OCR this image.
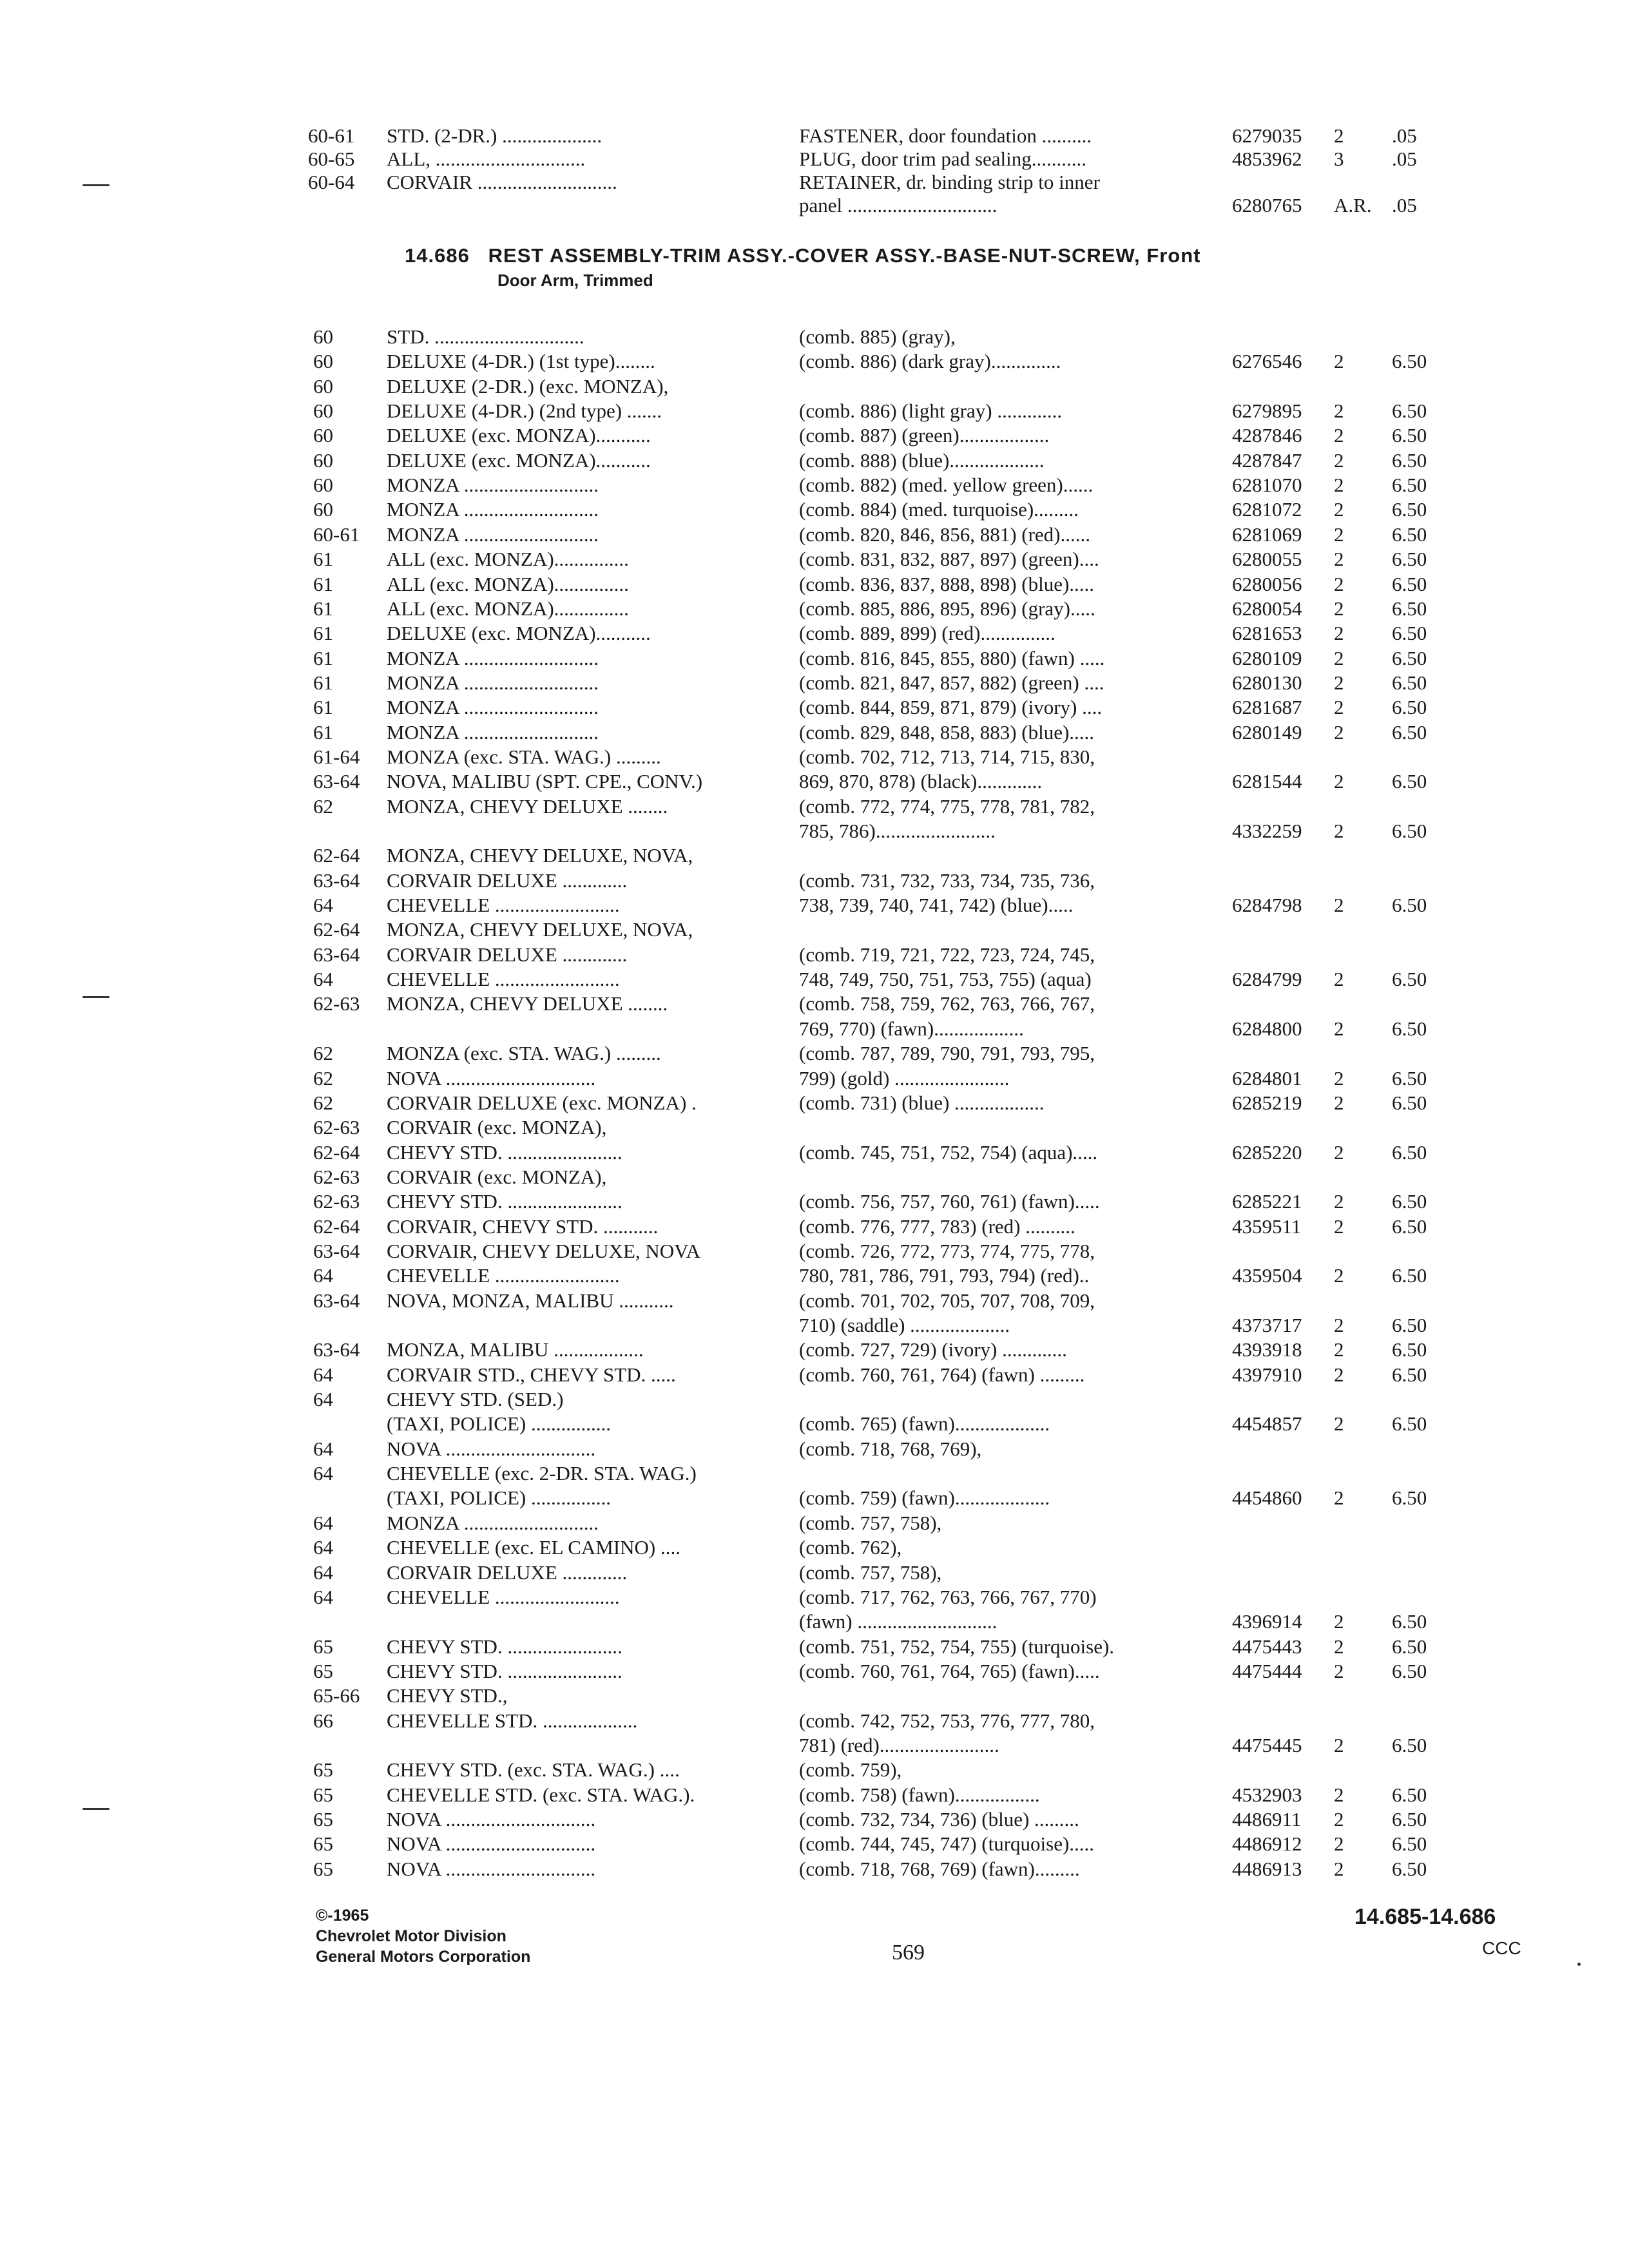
60-61 STD. (2-DR.) ....................	FASTENER, door foundation ..........	6279035 2 .05
60-65 ALL, ..............................	PLUG, door trim pad sealing...........	4853962 3 .05
60-64 CORVAIR ............................	RETAINER, dr. binding strip to inner
panel ..............................	6280765 A.R. .05
14.686 REST ASSEMBLY-TRIM ASSY.-COVER ASSY.-BASE-NUT-SCREW, Front
Door Arm, Trimmed
60	STD. ..............................	(comb. 885) (gray),
60	DELUXE (4-DR.) (1st type)........	(comb. 886) (dark gray)..............	6276546 2 6.50
60	DELUXE (2-DR.) (exc. MONZA),
60	DELUXE (4-DR.) (2nd type) .......	(comb. 886) (light gray) .............	6279895 2 6.50
60	DELUXE (exc. MONZA)...........	(comb. 887) (green)..................	4287846 2 6.50
60	DELUXE (exc. MONZA)...........	(comb. 888) (blue)...................	4287847 2 6.50
60	MONZA ...........................	(comb. 882) (med. yellow green)......	6281070 2 6.50
60	MONZA ...........................	(comb. 884) (med. turquoise).........	6281072 2 6.50
60-61 MONZA ...........................	(comb. 820, 846, 856, 881) (red)......	6281069 2 6.50
61	ALL (exc. MONZA)...............	(comb. 831, 832, 887, 897) (green)....	6280055 2 6.50
61	ALL (exc. MONZA)...............	(comb. 836, 837, 888, 898) (blue).....	6280056 2 6.50
61	ALL (exc. MONZA)...............	(comb. 885, 886, 895, 896) (gray).....	6280054 2 6.50
61	DELUXE (exc. MONZA)...........	(comb. 889, 899) (red)...............	6281653 2 6.50
61	MONZA ...........................	(comb. 816, 845, 855, 880) (fawn) .....	6280109 2 6.50
61	MONZA ...........................	(comb. 821, 847, 857, 882) (green) ....	6280130 2 6.50
61	MONZA ...........................	(comb. 844, 859, 871, 879) (ivory) ....	6281687 2 6.50
61	MONZA ...........................	(comb. 829, 848, 858, 883) (blue).....	6280149 2 6.50
61-64 MONZA (exc. STA. WAG.) .........	(comb. 702, 712, 713, 714, 715, 830,
63-64 NOVA, MALIBU (SPT. CPE., CONV.)	869, 870, 878) (black).............	6281544 2 6.50
62	MONZA, CHEVY DELUXE ........	(comb. 772, 774, 775, 778, 781, 782,
785, 786)........................	4332259 2 6.50
62-64 MONZA, CHEVY DELUXE, NOVA,
63-64 CORVAIR DELUXE .............	(comb. 731, 732, 733, 734, 735, 736,
64	CHEVELLE .........................	738, 739, 740, 741, 742) (blue).....	6284798 2 6.50
62-64 MONZA, CHEVY DELUXE, NOVA,
63-64 CORVAIR DELUXE .............	(comb. 719, 721, 722, 723, 724, 745,
64	CHEVELLE .........................	748, 749, 750, 751, 753, 755) (aqua)	6284799 2 6.50
62-63 MONZA, CHEVY DELUXE ........	(comb. 758, 759, 762, 763, 766, 767,
769, 770) (fawn)..................	6284800 2 6.50
62	MONZA (exc. STA. WAG.) .........	(comb. 787, 789, 790, 791, 793, 795,
62	NOVA ..............................	799) (gold) .......................	6284801 2 6.50
62	CORVAIR DELUXE (exc. MONZA) .	(comb. 731) (blue) ..................	6285219 2 6.50
62-63 CORVAIR (exc. MONZA),
62-64 CHEVY STD. .......................	(comb. 745, 751, 752, 754) (aqua).....	6285220 2 6.50
62-63 CORVAIR (exc. MONZA),
62-63 CHEVY STD. .......................	(comb. 756, 757, 760, 761) (fawn).....	6285221 2 6.50
62-64 CORVAIR, CHEVY STD. ...........	(comb. 776, 777, 783) (red) ..........	4359511 2 6.50
63-64 CORVAIR, CHEVY DELUXE, NOVA	(comb. 726, 772, 773, 774, 775, 778,
64	CHEVELLE .........................	780, 781, 786, 791, 793, 794) (red)..	4359504 2 6.50
63-64 NOVA, MONZA, MALIBU ...........	(comb. 701, 702, 705, 707, 708, 709,
710) (saddle) ....................	4373717 2 6.50
63-64 MONZA, MALIBU ..................	(comb. 727, 729) (ivory) .............	4393918 2 6.50
64	CORVAIR STD., CHEVY STD. .....	(comb. 760, 761, 764) (fawn) .........	4397910 2 6.50
64	CHEVY STD. (SED.)
(TAXI, POLICE) ................	(comb. 765) (fawn)...................	4454857 2 6.50
64	NOVA ..............................	(comb. 718, 768, 769),
64	CHEVELLE (exc. 2-DR. STA. WAG.)
(TAXI, POLICE) ................	(comb. 759) (fawn)...................	4454860 2 6.50
64	MONZA ...........................	(comb. 757, 758),
64	CHEVELLE (exc. EL CAMINO) ....	(comb. 762),
64	CORVAIR DELUXE .............	(comb. 757, 758),
64	CHEVELLE .........................	(comb. 717, 762, 763, 766, 767, 770)
(fawn) ............................	4396914 2 6.50
65	CHEVY STD. .......................	(comb. 751, 752, 754, 755) (turquoise).	4475443 2 6.50
65	CHEVY STD. .......................	(comb. 760, 761, 764, 765) (fawn).....	4475444 2 6.50
65-66 CHEVY STD.,
66	CHEVELLE STD. ...................	(comb. 742, 752, 753, 776, 777, 780,
781) (red)........................	4475445 2 6.50
65	CHEVY STD. (exc. STA. WAG.) ....	(comb. 759),
65	CHEVELLE STD. (exc. STA. WAG.).	(comb. 758) (fawn).................	4532903 2 6.50
65	NOVA ..............................	(comb. 732, 734, 736) (blue) .........	4486911 2 6.50
65	NOVA ..............................	(comb. 744, 745, 747) (turquoise).....	4486912 2 6.50
65	NOVA ..............................	(comb. 718, 768, 769) (fawn).........	4486913 2 6.50
©-1965
Chevrolet Motor Division
General Motors Corporation	569
14.685-14.686
CCC
